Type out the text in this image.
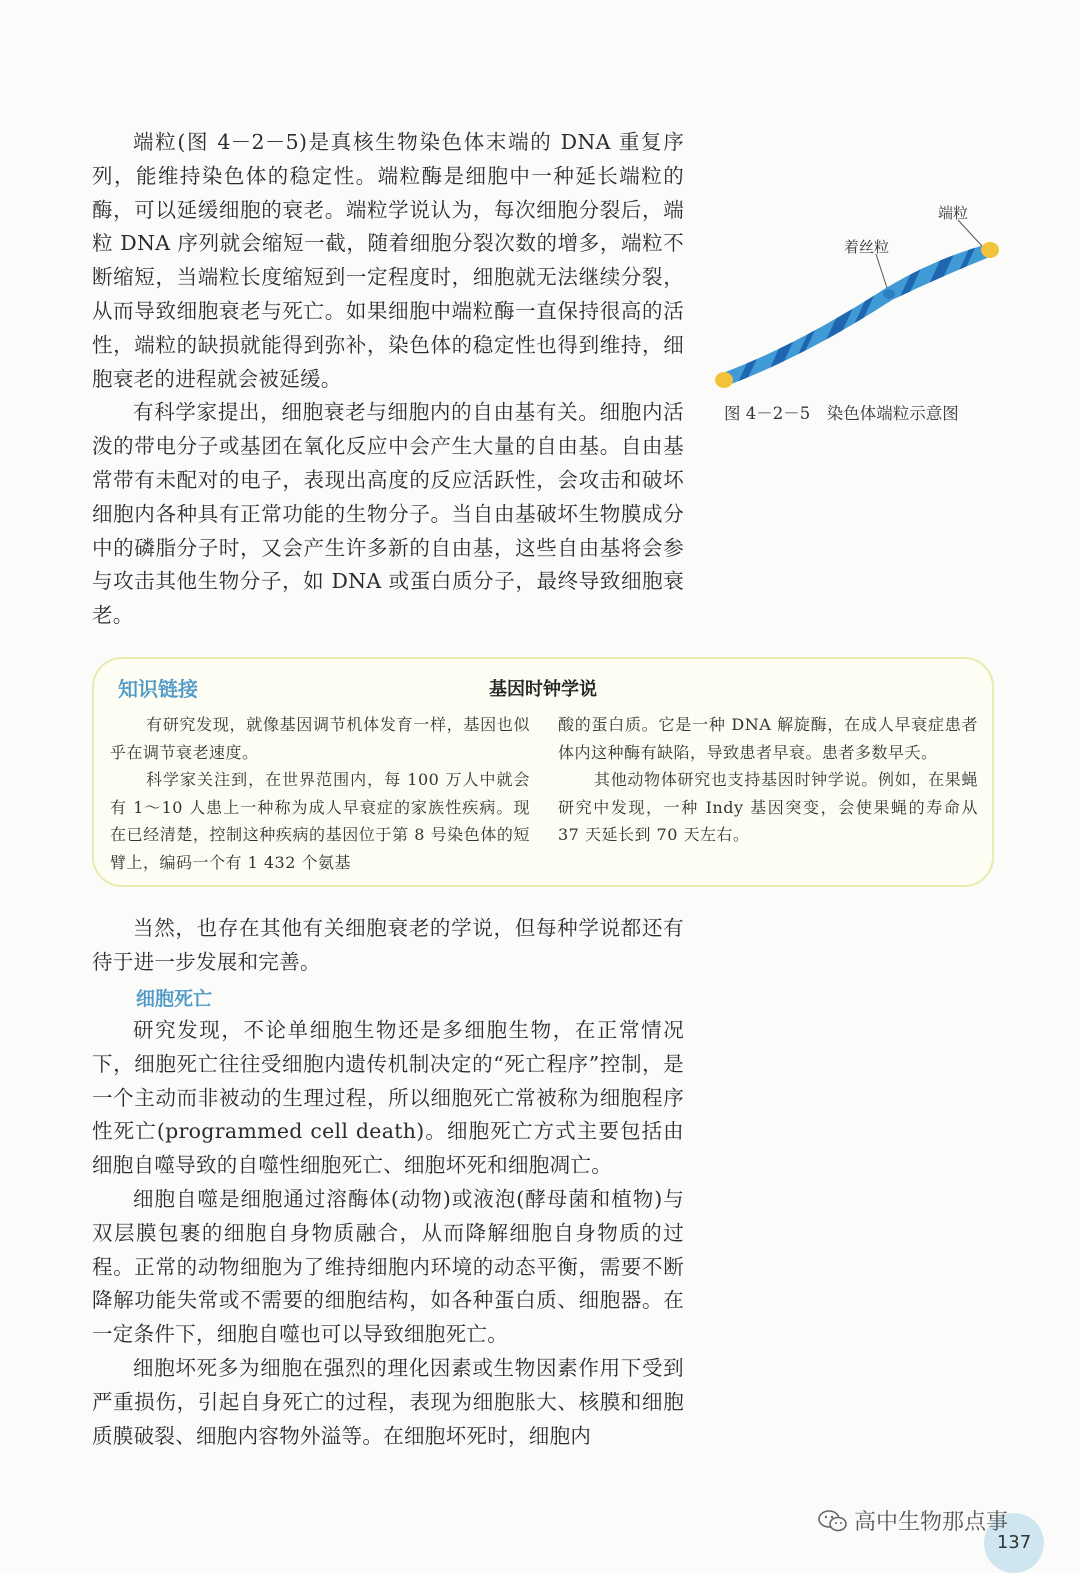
端粒(图 4－2－5)是真核生物染色体末端的 DNA 重复序列，能维持染色体的稳定性。端粒酶是细胞中一种延长端粒的酶，可以延缓细胞的衰老。端粒学说认为，每次细胞分裂后，端粒 DNA 序列就会缩短一截，随着细胞分裂次数的增多，端粒不断缩短，当端粒长度缩短到一定程度时，细胞就无法继续分裂，从而导致细胞衰老与死亡。如果细胞中端粒酶一直保持很高的活性，端粒的缺损就能得到弥补，染色体的稳定性也得到维持，细胞衰老的进程就会被延缓。

有科学家提出，细胞衰老与细胞内的自由基有关。细胞内活泼的带电分子或基团在氧化反应中会产生大量的自由基。自由基常带有未配对的电子，表现出高度的反应活跃性，会攻击和破坏细胞内各种具有正常功能的生物分子。当自由基破坏生物膜成分中的磷脂分子时，又会产生许多新的自由基，这些自由基将会参与攻击其他生物分子，如 DNA 或蛋白质分子，最终导致细胞衰老。

端粒
着丝粒
图 4－2－5　染色体端粒示意图
知识链接	基因时钟学说

有研究发现，就像基因调节机体发育一样，基因也似乎在调节衰老速度。

科学家关注到，在世界范围内，每 100 万人中就会有 1～10 人患上一种称为成人早衰症的家族性疾病。现在已经清楚，控制这种疾病的基因位于第 8 号染色体的短臂上，编码一个有 1 432 个氨基

酸的蛋白质。它是一种 DNA 解旋酶，在成人早衰症患者体内这种酶有缺陷，导致患者早衰。患者多数早夭。

其他动物体研究也支持基因时钟学说。例如，在果蝇研究中发现，一种 Indy 基因突变，会使果蝇的寿命从 37 天延长到 70 天左右。

当然，也存在其他有关细胞衰老的学说，但每种学说都还有待于进一步发展和完善。

细胞死亡

研究发现，不论单细胞生物还是多细胞生物，在正常情况下，细胞死亡往往受细胞内遗传机制决定的“死亡程序”控制，是一个主动而非被动的生理过程，所以细胞死亡常被称为细胞程序性死亡(programmed cell death)。细胞死亡方式主要包括由细胞自噬导致的自噬性细胞死亡、细胞坏死和细胞凋亡。

细胞自噬是细胞通过溶酶体(动物)或液泡(酵母菌和植物)与双层膜包裹的细胞自身物质融合，从而降解细胞自身物质的过程。正常的动物细胞为了维持细胞内环境的动态平衡，需要不断降解功能失常或不需要的细胞结构，如各种蛋白质、细胞器。在一定条件下，细胞自噬也可以导致细胞死亡。

细胞坏死多为细胞在强烈的理化因素或生物因素作用下受到严重损伤，引起自身死亡的过程，表现为细胞胀大、核膜和细胞质膜破裂、细胞内容物外溢等。在细胞坏死时，细胞内

137
高中生物那点事
